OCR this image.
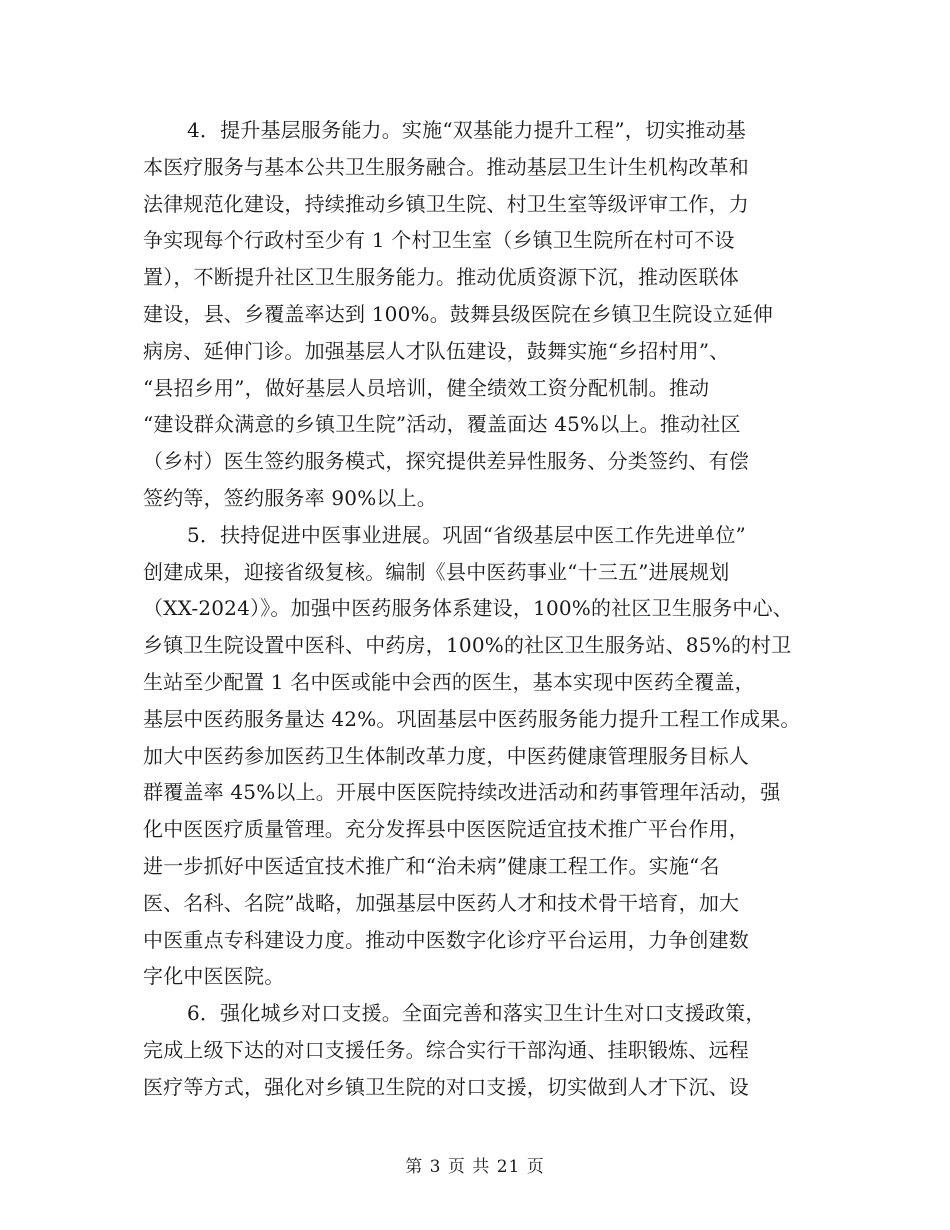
4．提升基层服务能力。实施“双基能力提升工程”，切实推动基
本医疗服务与基本公共卫生服务融合。推动基层卫生计生机构改革和
法律规范化建设，持续推动乡镇卫生院、村卫生室等级评审工作，力
争实现每个行政村至少有 1 个村卫生室（乡镇卫生院所在村可不设
置），不断提升社区卫生服务能力。推动优质资源下沉，推动医联体
建设，县、乡覆盖率达到 100%。鼓舞县级医院在乡镇卫生院设立延伸
病房、延伸门诊。加强基层人才队伍建设，鼓舞实施“乡招村用”、
“县招乡用”，做好基层人员培训，健全绩效工资分配机制。推动
“建设群众满意的乡镇卫生院”活动，覆盖面达 45%以上。推动社区
（乡村）医生签约服务模式，探究提供差异性服务、分类签约、有偿
签约等，签约服务率 90%以上。
5．扶持促进中医事业进展。巩固“省级基层中医工作先进单位”
创建成果，迎接省级复核。编制《县中医药事业“十三五”进展规划
（XX-2024）》。加强中医药服务体系建设，100%的社区卫生服务中心、
乡镇卫生院设置中医科、中药房，100%的社区卫生服务站、85%的村卫
生站至少配置 1 名中医或能中会西的医生，基本实现中医药全覆盖，
基层中医药服务量达 42%。巩固基层中医药服务能力提升工程工作成果。
加大中医药参加医药卫生体制改革力度，中医药健康管理服务目标人
群覆盖率 45%以上。开展中医医院持续改进活动和药事管理年活动，强
化中医医疗质量管理。充分发挥县中医医院适宜技术推广平台作用，
进一步抓好中医适宜技术推广和“治未病”健康工程工作。实施“名
医、名科、名院”战略，加强基层中医药人才和技术骨干培育，加大
中医重点专科建设力度。推动中医数字化诊疗平台运用，力争创建数
字化中医医院。
6．强化城乡对口支援。全面完善和落实卫生计生对口支援政策，
完成上级下达的对口支援任务。综合实行干部沟通、挂职锻炼、远程
医疗等方式，强化对乡镇卫生院的对口支援，切实做到人才下沉、设
第 3 页 共 21 页
